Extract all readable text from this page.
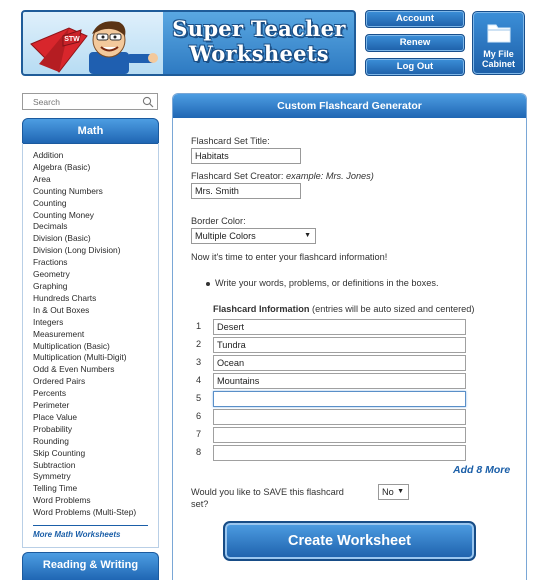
STW	Super Teacher
Worksheets
Account
Renew
Log Out
My File
Cabinet
Search
Math
Addition
Algebra (Basic)
Area
Counting Numbers
Counting
Counting Money
Decimals
Division (Basic)
Division (Long Division)
Fractions
Geometry
Graphing
Hundreds Charts
In & Out Boxes
Integers
Measurement
Multiplication (Basic)
Multiplication (Multi-Digit)
Odd & Even Numbers
Ordered Pairs
Percents
Perimeter
Place Value
Probability
Rounding
Skip Counting
Subtraction
Symmetry
Telling Time
Word Problems
Word Problems (Multi-Step)
More Math Worksheets
Reading & Writing
Custom Flashcard Generator
Flashcard Set Title:
Habitats
Flashcard Set Creator: example: Mrs. Jones)
Mrs. Smith
Border Color:
Multiple Colors	▼
Now it's time to enter your flashcard information!
Write your words, problems, or definitions in the boxes.
Flashcard Information (entries will be auto sized and centered)
1	Desert
2	Tundra
3	Ocean
4	Mountains
5
6
7
8
Add 8 More
Would you like to SAVE this flashcard
set?
No ▼
Create Worksheet
